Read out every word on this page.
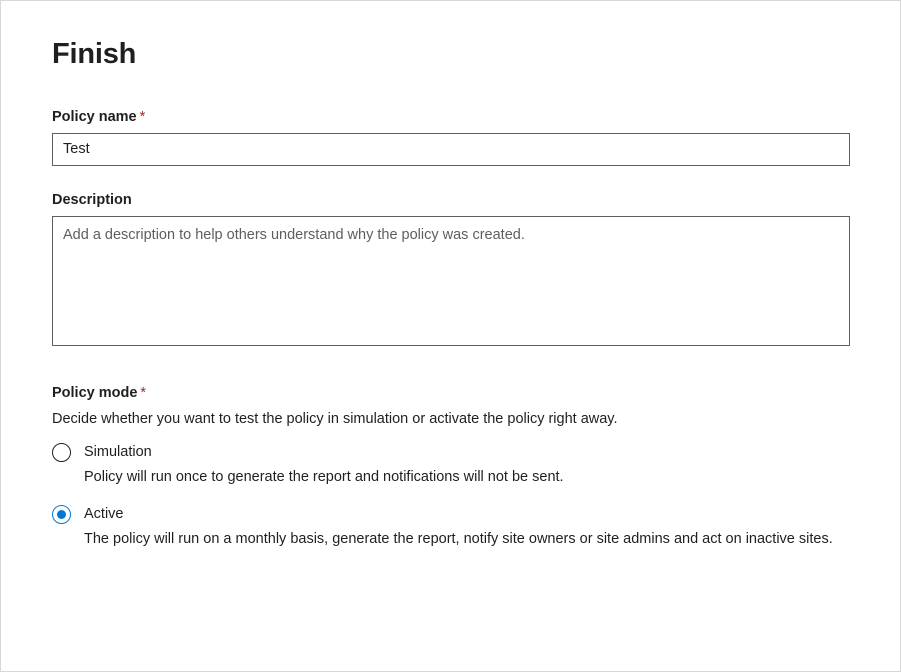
Finish
Policy name *
Test
Description
Add a description to help others understand why the policy was created.
Policy mode *
Decide whether you want to test the policy in simulation or activate the policy right away.
Simulation
Policy will run once to generate the report and notifications will not be sent.
Active
The policy will run on a monthly basis, generate the report, notify site owners or site admins and act on inactive sites.
